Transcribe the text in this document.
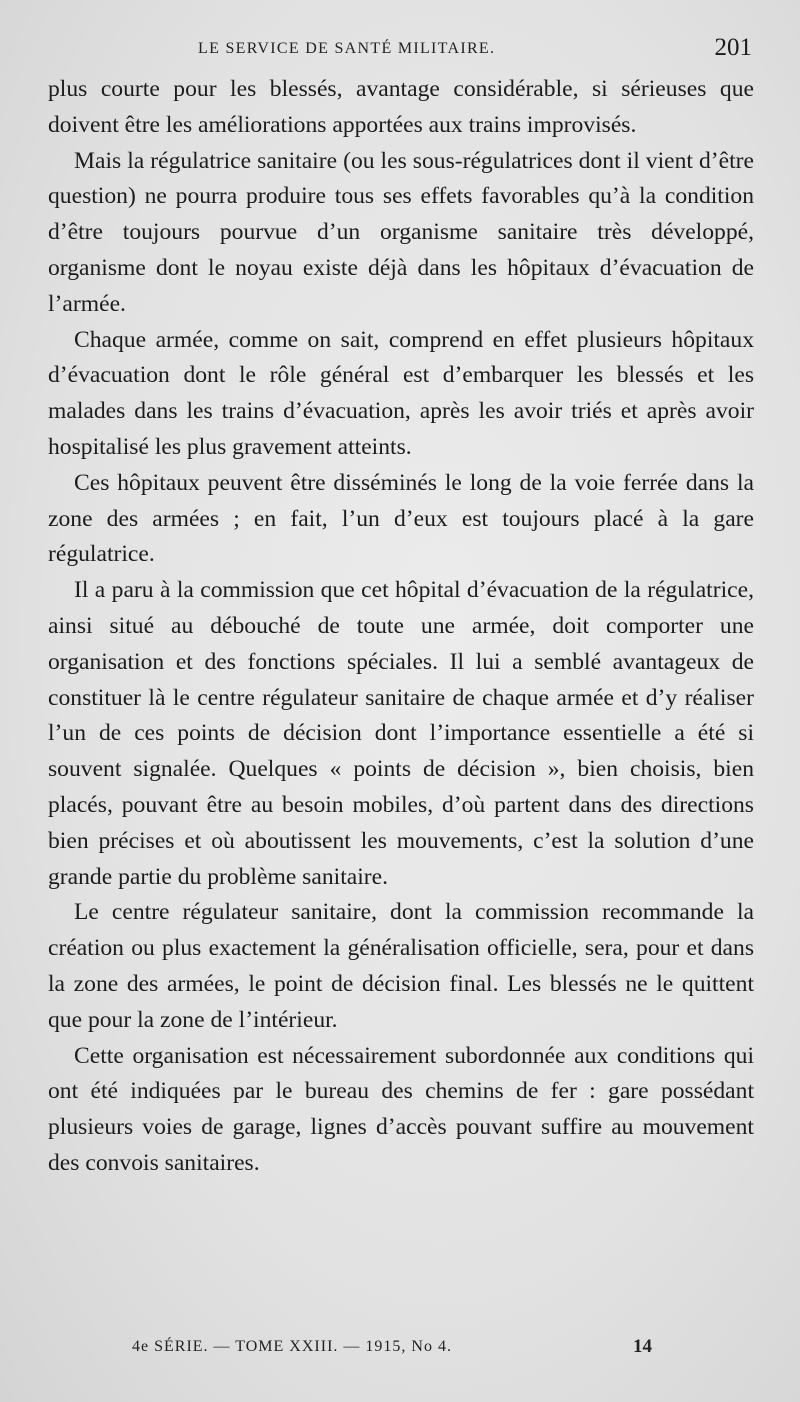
LE SERVICE DE SANTÉ MILITAIRE.	201

plus courte pour les blessés, avantage considérable, si sérieuses que doivent être les améliorations apportées aux trains improvisés.

Mais la régulatrice sanitaire (ou les sous-régulatrices dont il vient d’être question) ne pourra produire tous ses effets favorables qu’à la condition d’être toujours pourvue d’un organisme sanitaire très développé, organisme dont le noyau existe déjà dans les hôpitaux d’évacuation de l’armée.

Chaque armée, comme on sait, comprend en effet plusieurs hôpitaux d’évacuation dont le rôle général est d’embarquer les blessés et les malades dans les trains d’évacuation, après les avoir triés et après avoir hospitalisé les plus gravement atteints.

Ces hôpitaux peuvent être disséminés le long de la voie ferrée dans la zone des armées ; en fait, l’un d’eux est toujours placé à la gare régulatrice.

Il a paru à la commission que cet hôpital d’évacuation de la régulatrice, ainsi situé au débouché de toute une armée, doit comporter une organisation et des fonctions spéciales. Il lui a semblé avantageux de constituer là le centre régulateur sanitaire de chaque armée et d’y réaliser l’un de ces points de décision dont l’importance essentielle a été si souvent signalée. Quelques « points de décision », bien choisis, bien placés, pouvant être au besoin mobiles, d’où partent dans des directions bien précises et où aboutissent les mouvements, c’est la solution d’une grande partie du problème sanitaire.

Le centre régulateur sanitaire, dont la commission recommande la création ou plus exactement la généralisation officielle, sera, pour et dans la zone des armées, le point de décision final. Les blessés ne le quittent que pour la zone de l’intérieur.

Cette organisation est nécessairement subordonnée aux conditions qui ont été indiquées par le bureau des chemins de fer : gare possédant plusieurs voies de garage, lignes d’accès pouvant suffire au mouvement des convois sanitaires.

4e SÉRIE. — TOME XXIII. — 1915, No 4.	14
